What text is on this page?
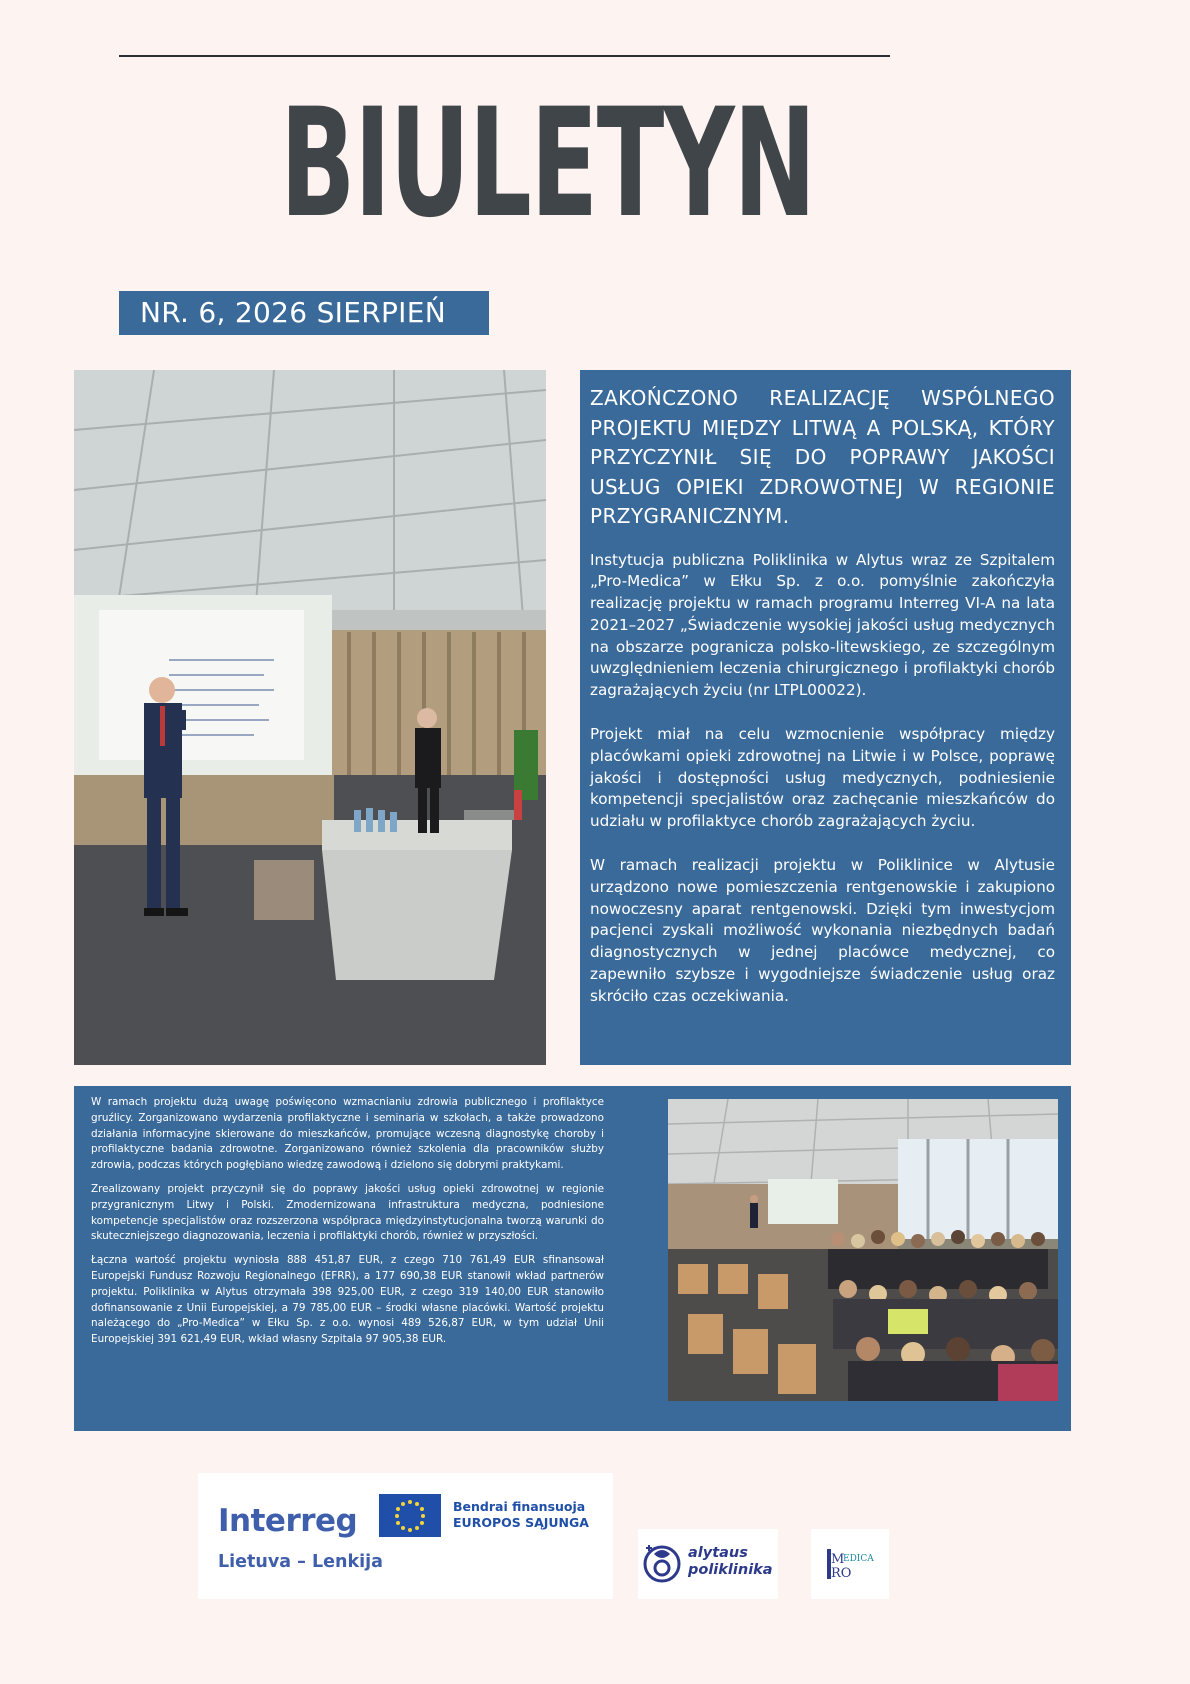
BIULETYN
NR. 6, 2026 SIERPIEŃ

ZAKOŃCZONO REALIZACJĘ WSPÓLNEGO PROJEKTU MIĘDZY LITWĄ A POLSKĄ, KTÓRY PRZYCZYNIŁ SIĘ DO POPRAWY JAKOŚCI USŁUG OPIEKI ZDROWOTNEJ W REGIONIE PRZYGRANICZNYM.

Instytucja publiczna Poliklinika w Alytus wraz ze Szpitalem „Pro-Medica” w Ełku Sp. z o.o. pomyślnie zakończyła realizację projektu w ramach programu Interreg VI-A na lata 2021–2027 „Świadczenie wysokiej jakości usług medycznych na obszarze pogranicza polsko-litewskiego, ze szczególnym uwzględnieniem leczenia chirurgicznego i profilaktyki chorób zagrażających życiu (nr LTPL00022).

Projekt miał na celu wzmocnienie współpracy między placówkami opieki zdrowotnej na Litwie i w Polsce, poprawę jakości i dostępności usług medycznych, podniesienie kompetencji specjalistów oraz zachęcanie mieszkańców do udziału w profilaktyce chorób zagrażających życiu.

W ramach realizacji projektu w Poliklinice w Alytusie urządzono nowe pomieszczenia rentgenowskie i zakupiono nowoczesny aparat rentgenowski. Dzięki tym inwestycjom pacjenci zyskali możliwość wykonania niezbędnych badań diagnostycznych w jednej placówce medycznej, co zapewniło szybsze i wygodniejsze świadczenie usług oraz skróciło czas oczekiwania.

W ramach projektu dużą uwagę poświęcono wzmacnianiu zdrowia publicznego i profilaktyce gruźlicy. Zorganizowano wydarzenia profilaktyczne i seminaria w szkołach, a także prowadzono działania informacyjne skierowane do mieszkańców, promujące wczesną diagnostykę choroby i profilaktyczne badania zdrowotne. Zorganizowano również szkolenia dla pracowników służby zdrowia, podczas których pogłębiano wiedzę zawodową i dzielono się dobrymi praktykami.

Zrealizowany projekt przyczynił się do poprawy jakości usług opieki zdrowotnej w regionie przygranicznym Litwy i Polski. Zmodernizowana infrastruktura medyczna, podniesione kompetencje specjalistów oraz rozszerzona współpraca międzyinstytucjonalna tworzą warunki do skuteczniejszego diagnozowania, leczenia i profilaktyki chorób, również w przyszłości.

Łączna wartość projektu wyniosła 888 451,87 EUR, z czego 710 761,49 EUR sfinansował Europejski Fundusz Rozwoju Regionalnego (EFRR), a 177 690,38 EUR stanowił wkład partnerów projektu. Poliklinika w Alytus otrzymała 398 925,00 EUR, z czego 319 140,00 EUR stanowiło dofinansowanie z Unii Europejskiej, a 79 785,00 EUR – środki własne placówki. Wartość projektu należącego do „Pro-Medica” w Ełku Sp. z o.o. wynosi 489 526,87 EUR, w tym udział Unii Europejskiej 391 621,49 EUR, wkład własny Szpitala 97 905,38 EUR.

Interreg
Lietuva – Lenkija
Bendrai finansuoja
EUROPOS SĄJUNGA
alytaus
poliklinika
M
EDICA
RO
